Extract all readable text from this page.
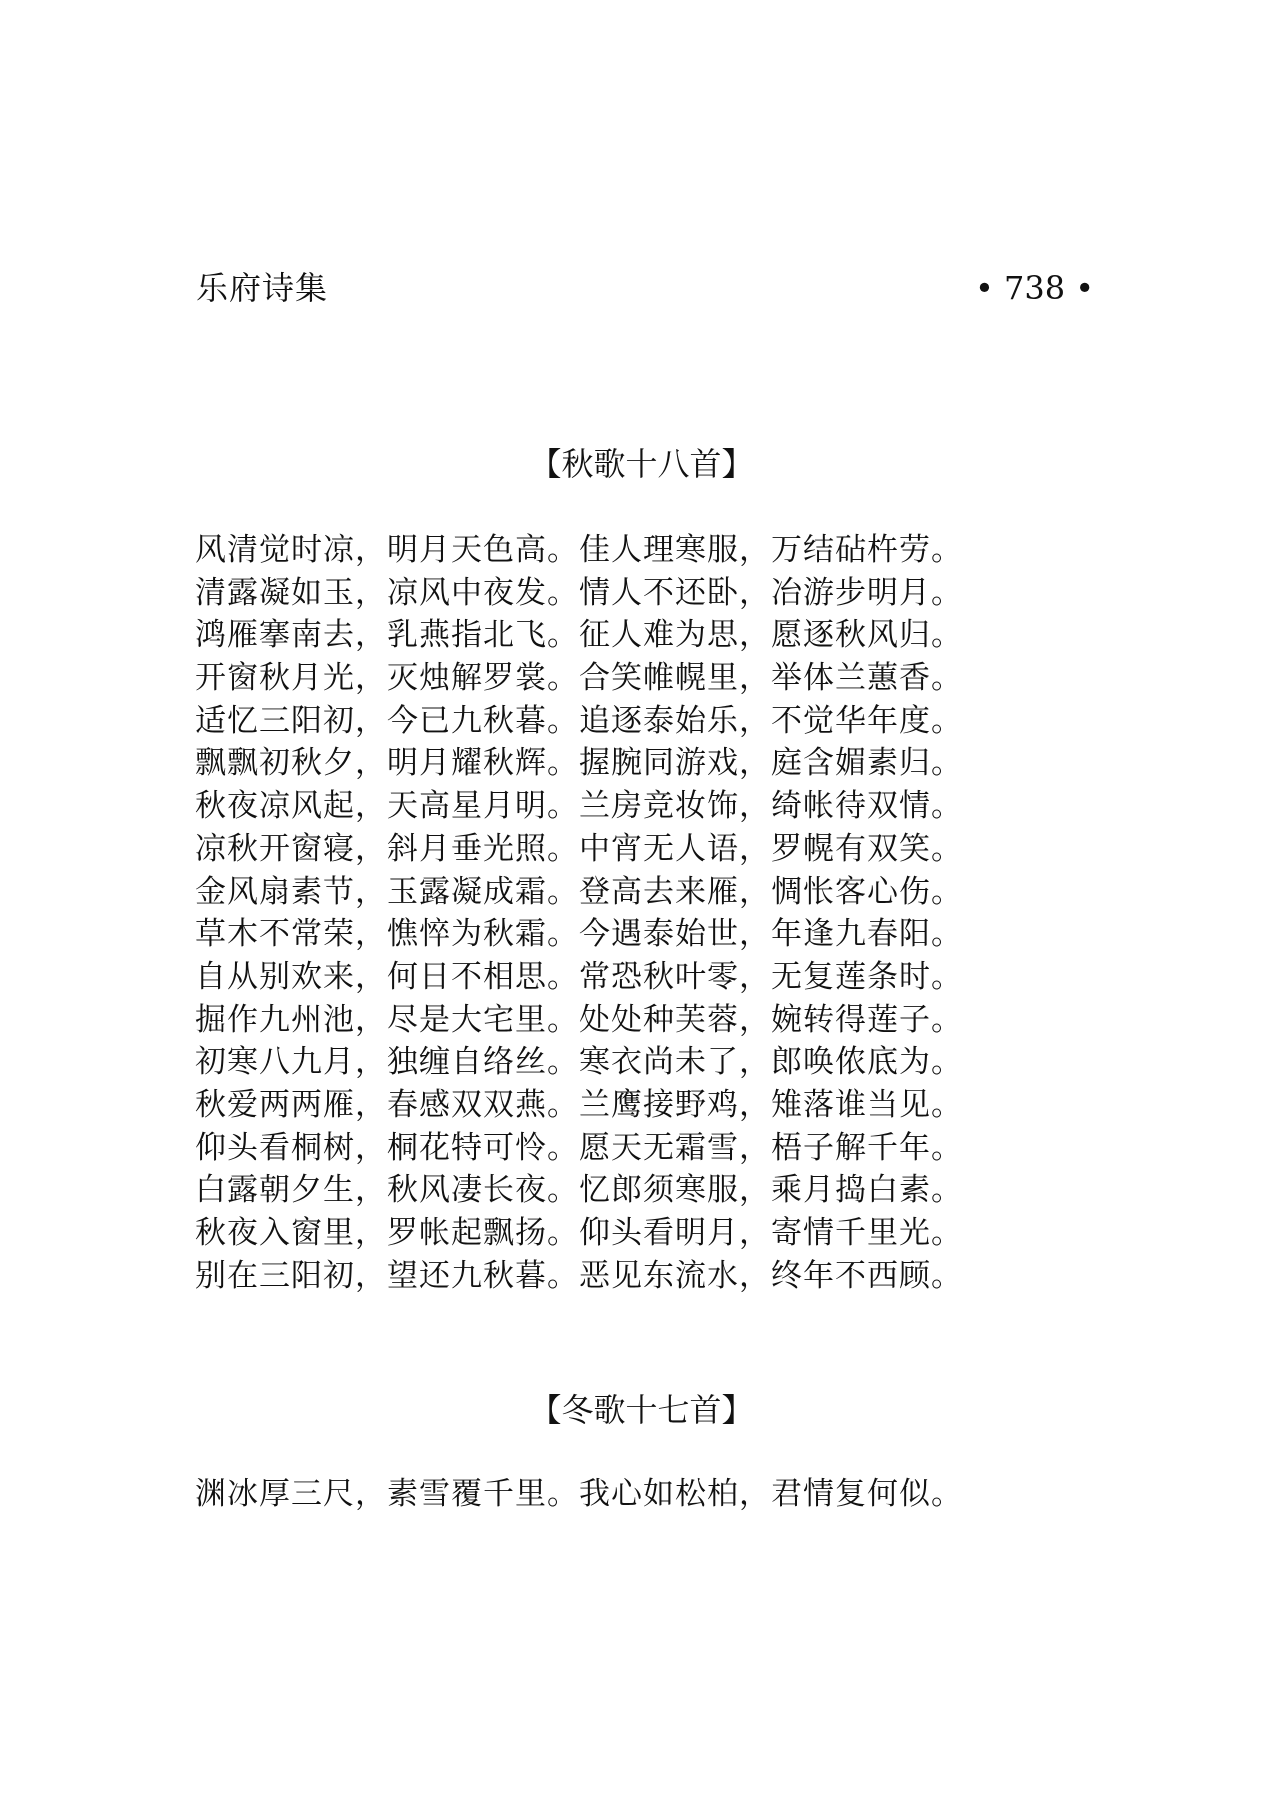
乐府诗集	• 738 •
【秋歌十八首】
风清觉时凉，明月天色高。佳人理寒服，万结砧杵劳。
清露凝如玉，凉风中夜发。情人不还卧，冶游步明月。
鸿雁搴南去，乳燕指北飞。征人难为思，愿逐秋风归。
开窗秋月光，灭烛解罗裳。合笑帷幌里，举体兰蕙香。
适忆三阳初，今已九秋暮。追逐泰始乐，不觉华年度。
飘飘初秋夕，明月耀秋辉。握腕同游戏，庭含媚素归。
秋夜凉风起，天高星月明。兰房竞妆饰，绮帐待双情。
凉秋开窗寝，斜月垂光照。中宵无人语，罗幌有双笑。
金风扇素节，玉露凝成霜。登高去来雁，惆怅客心伤。
草木不常荣，憔悴为秋霜。今遇泰始世，年逢九春阳。
自从别欢来，何日不相思。常恐秋叶零，无复莲条时。
掘作九州池，尽是大宅里。处处种芙蓉，婉转得莲子。
初寒八九月，独缠自络丝。寒衣尚未了，郎唤侬底为。
秋爱两两雁，春感双双燕。兰鹰接野鸡，雉落谁当见。
仰头看桐树，桐花特可怜。愿天无霜雪，梧子解千年。
白露朝夕生，秋风凄长夜。忆郎须寒服，乘月捣白素。
秋夜入窗里，罗帐起飘扬。仰头看明月，寄情千里光。
别在三阳初，望还九秋暮。恶见东流水，终年不西顾。
【冬歌十七首】
渊冰厚三尺，素雪覆千里。我心如松柏，君情复何似。
